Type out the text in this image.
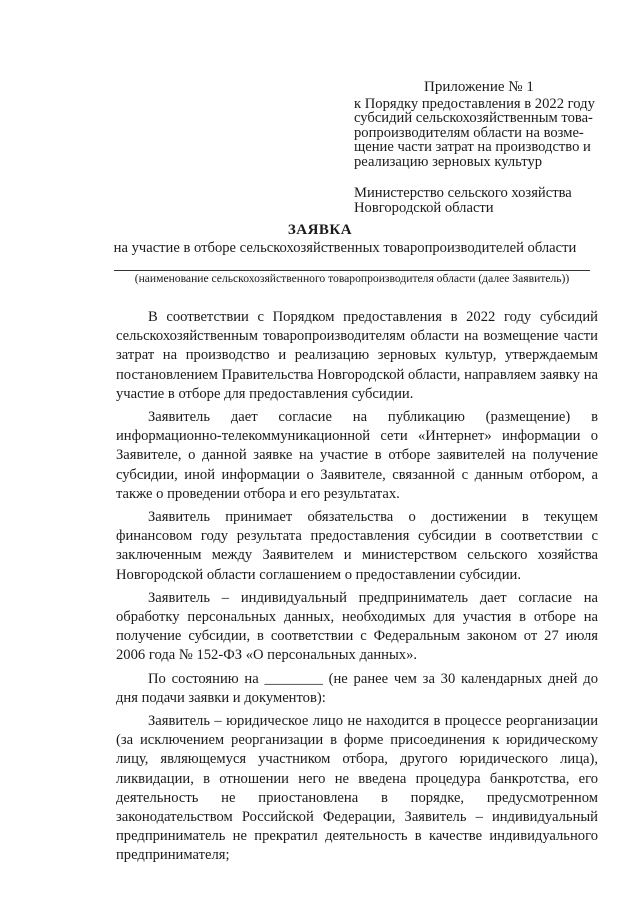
Приложение № 1
к Порядку предоставления в 2022 году
субсидий сельскохозяйственным това-
ропроизводителям области на возме-
щение части затрат на производство и
реализацию зерновых культур
Министерство сельского хозяйства
Новгородской области
ЗАЯВКА
на участие в отборе сельскохозяйственных товаропроизводителей области
(наименование сельскохозяйственного товаропроизводителя области (далее Заявитель))

В соответствии с Порядком предоставления в 2022 году субсидий сельскохозяйственным товаропроизводителям области на возмещение части затрат на производство и реализацию зерновых культур, утверждаемым постановлением Правительства Новгородской области, направляем заявку на участие в отборе для предоставления субсидии.

Заявитель дает согласие на публикацию (размещение) в информационно-телекоммуникационной сети «Интернет» информации о Заявителе, о данной заявке на участие в отборе заявителей на получение субсидии, иной информации о Заявителе, связанной с данным отбором, а также о проведении отбора и его результатах.

Заявитель принимает обязательства о достижении в текущем финансовом году результата предоставления субсидии в соответствии с заключенным между Заявителем и министерством сельского хозяйства Новгородской области соглашением о предоставлении субсидии.

Заявитель – индивидуальный предприниматель дает согласие на обработку персональных данных, необходимых для участия в отборе на получение субсидии, в соответствии с Федеральным законом от 27 июля 2006 года № 152-ФЗ «О персональных данных».

По состоянию на ________ (не ранее чем за 30 календарных дней до дня подачи заявки и документов):

Заявитель – юридическое лицо не находится в процессе реорганизации (за исключением реорганизации в форме присоединения к юридическому лицу, являющемуся участником отбора, другого юридического лица), ликвидации, в отношении него не введена процедура банкротства, его деятельность не приостановлена в порядке, предусмотренном законодательством Российской Федерации, Заявитель – индивидуальный предприниматель не прекратил деятельность в качестве индивидуального предпринимателя;
